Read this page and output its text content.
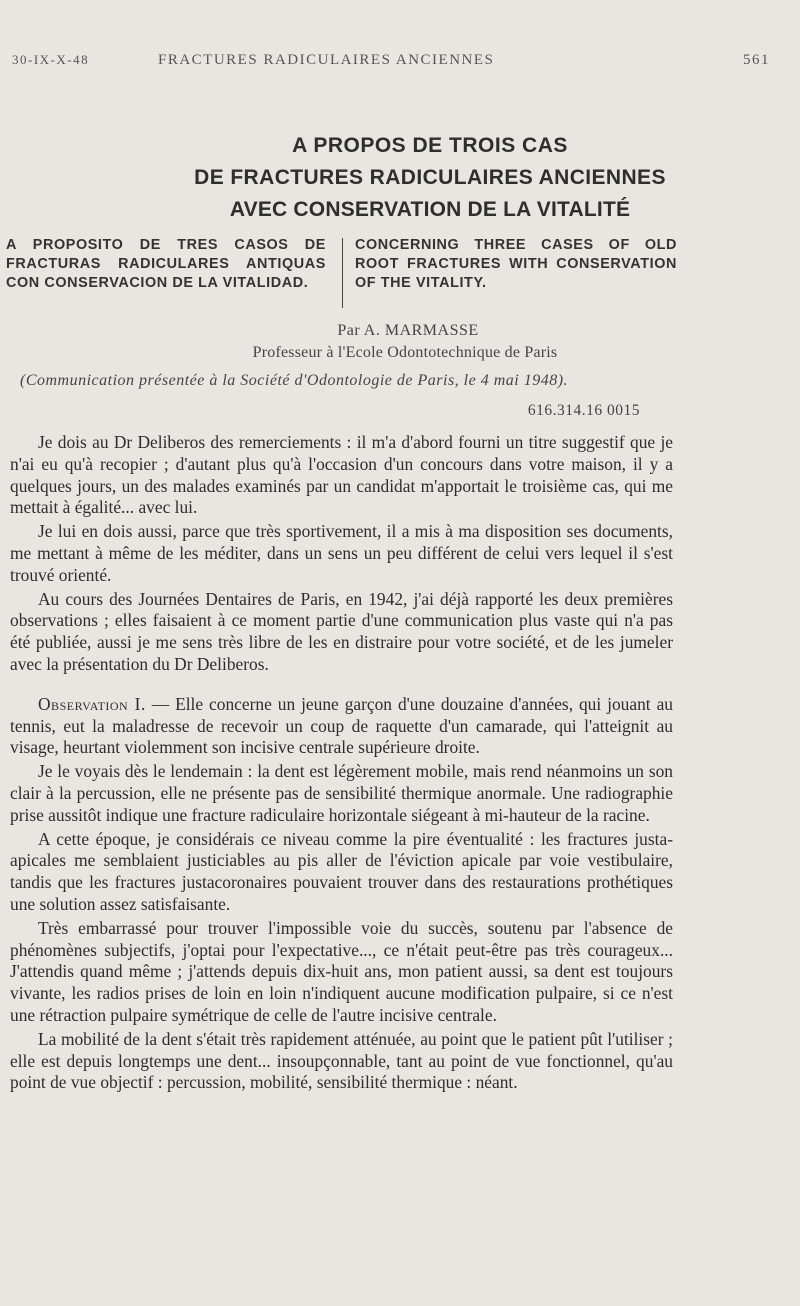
30-IX-X-48	FRACTURES RADICULAIRES ANCIENNES	561
A PROPOS DE TROIS CAS
DE FRACTURES RADICULAIRES ANCIENNES
AVEC CONSERVATION DE LA VITALITÉ
A PROPOSITO DE TRES CASOS DE FRACTURAS RADICULARES ANTIQUAS CON CONSERVACION DE LA VITALIDAD.
CONCERNING THREE CASES OF OLD ROOT FRACTURES WITH CONSERVATION OF THE VITALITY.
Par A. MARMASSE
Professeur à l'Ecole Odontotechnique de Paris
(Communication présentée à la Société d'Odontologie de Paris, le 4 mai 1948).
616.314.16 0015

Je dois au Dr Deliberos des remerciements : il m'a d'abord fourni un titre suggestif que je n'ai eu qu'à recopier ; d'autant plus qu'à l'occasion d'un concours dans votre maison, il y a quelques jours, un des malades examinés par un candidat m'apportait le troisième cas, qui me mettait à égalité... avec lui.

Je lui en dois aussi, parce que très sportivement, il a mis à ma disposition ses documents, me mettant à même de les méditer, dans un sens un peu différent de celui vers lequel il s'est trouvé orienté.

Au cours des Journées Dentaires de Paris, en 1942, j'ai déjà rapporté les deux premières observations ; elles faisaient à ce moment partie d'une communication plus vaste qui n'a pas été publiée, aussi je me sens très libre de les en distraire pour votre société, et de les jumeler avec la présentation du Dr Deliberos.

Observation I. — Elle concerne un jeune garçon d'une douzaine d'années, qui jouant au tennis, eut la maladresse de recevoir un coup de raquette d'un camarade, qui l'atteignit au visage, heurtant violemment son incisive centrale supérieure droite.

Je le voyais dès le lendemain : la dent est légèrement mobile, mais rend néanmoins un son clair à la percussion, elle ne présente pas de sensibilité thermique anormale. Une radiographie prise aussitôt indique une fracture radiculaire horizontale siégeant à mi-hauteur de la racine.

A cette époque, je considérais ce niveau comme la pire éventualité : les fractures justa-apicales me semblaient justiciables au pis aller de l'éviction apicale par voie vestibulaire, tandis que les fractures justacoronaires pouvaient trouver dans des restaurations prothétiques une solution assez satisfaisante.

Très embarrassé pour trouver l'impossible voie du succès, soutenu par l'absence de phénomènes subjectifs, j'optai pour l'expectative..., ce n'était peut-être pas très courageux... J'attendis quand même ; j'attends depuis dix-huit ans, mon patient aussi, sa dent est toujours vivante, les radios prises de loin en loin n'indiquent aucune modification pulpaire, si ce n'est une rétraction pulpaire symétrique de celle de l'autre incisive centrale.

La mobilité de la dent s'était très rapidement atténuée, au point que le patient pût l'utiliser ; elle est depuis longtemps une dent... insoupçonnable, tant au point de vue fonctionnel, qu'au point de vue objectif : percussion, mobilité, sensibilité thermique : néant.
